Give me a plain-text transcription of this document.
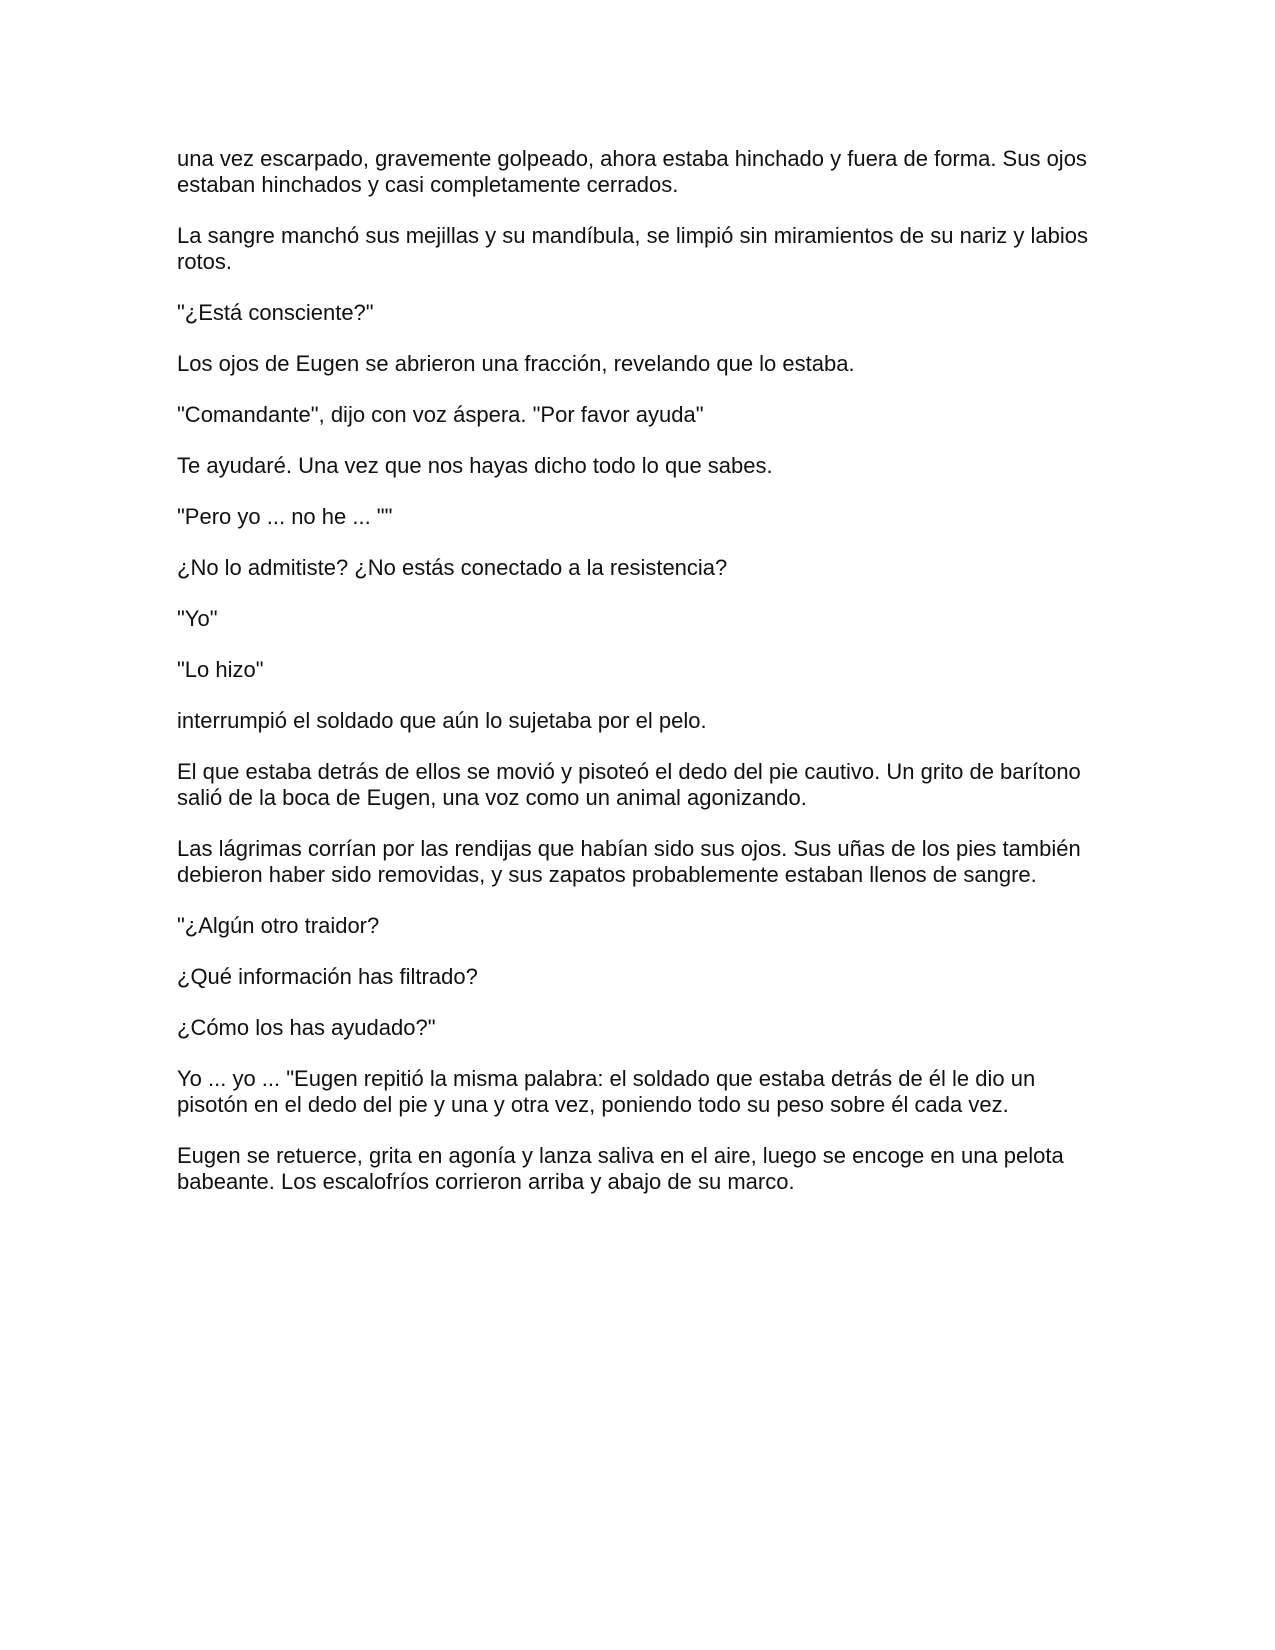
una vez escarpado, gravemente golpeado, ahora estaba hinchado y fuera de forma. Sus ojos estaban hinchados y casi completamente cerrados.

La sangre manchó sus mejillas y su mandíbula, se limpió sin miramientos de su nariz y labios rotos.

"¿Está consciente?"

Los ojos de Eugen se abrieron una fracción, revelando que lo estaba.

"Comandante", dijo con voz áspera. "Por favor ayuda"

Te ayudaré. Una vez que nos hayas dicho todo lo que sabes.

"Pero yo ... no he ... ""

¿No lo admitiste? ¿No estás conectado a la resistencia?

"Yo"

"Lo hizo"

interrumpió el soldado que aún lo sujetaba por el pelo.

El que estaba detrás de ellos se movió y pisoteó el dedo del pie cautivo. Un grito de barítono salió de la boca de Eugen, una voz como un animal agonizando.

Las lágrimas corrían por las rendijas que habían sido sus ojos. Sus uñas de los pies también debieron haber sido removidas, y sus zapatos probablemente estaban llenos de sangre.

"¿Algún otro traidor?

¿Qué información has filtrado?

¿Cómo los has ayudado?"

Yo ... yo ... "Eugen repitió la misma palabra: el soldado que estaba detrás de él le dio un pisotón en el dedo del pie y una y otra vez, poniendo todo su peso sobre él cada vez.

Eugen se retuerce, grita en agonía y lanza saliva en el aire, luego se encoge en una pelota babeante. Los escalofríos corrieron arriba y abajo de su marco.
